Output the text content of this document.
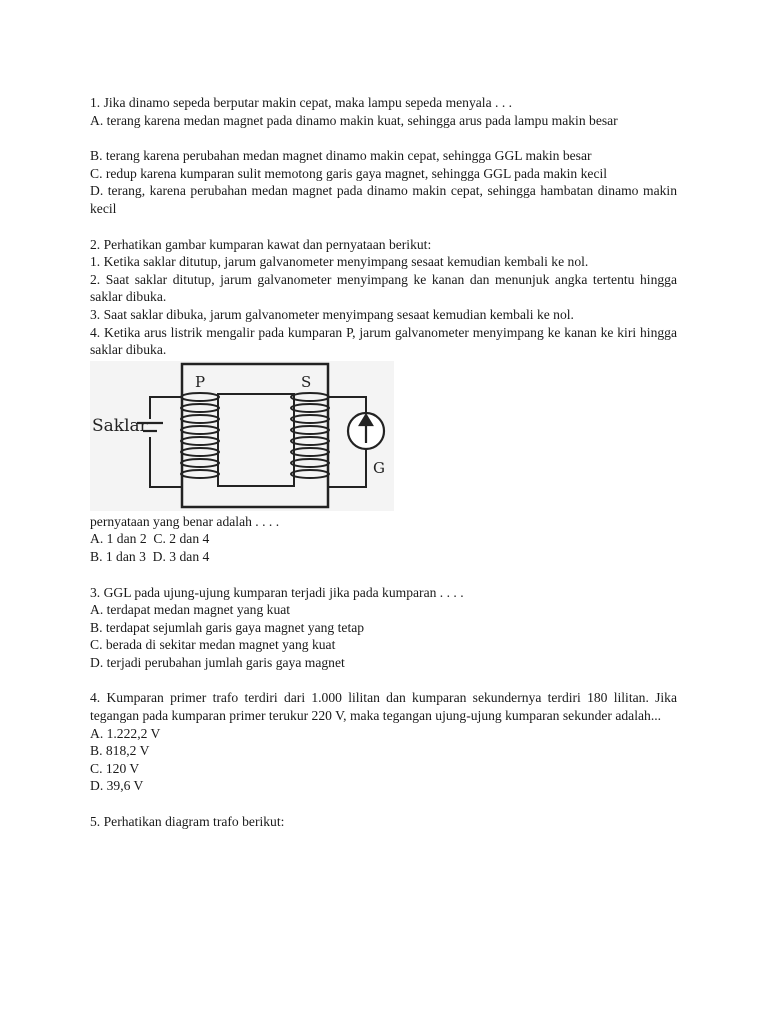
1. Jika dinamo sepeda berputar makin cepat, maka lampu sepeda menyala . . .
A. terang karena medan magnet pada dinamo makin kuat, sehingga arus pada lampu makin besar
B. terang karena perubahan medan magnet dinamo makin cepat, sehingga GGL makin besar
C. redup karena kumparan sulit memotong garis gaya magnet, sehingga GGL pada makin kecil
D. terang, karena perubahan medan magnet pada dinamo makin cepat, sehingga hambatan dinamo makin kecil
2. Perhatikan gambar kumparan kawat dan pernyataan berikut:
1. Ketika saklar ditutup, jarum galvanometer menyimpang sesaat kemudian kembali ke nol.
2. Saat saklar ditutup, jarum galvanometer menyimpang ke kanan dan menunjuk angka tertentu hingga saklar dibuka.
3. Saat saklar dibuka, jarum galvanometer menyimpang sesaat kemudian kembali ke nol.
4. Ketika arus listrik mengalir pada kumparan P, jarum galvanometer menyimpang ke kanan ke kiri hingga saklar dibuka.
P	S
Saklar
G
pernyataan yang benar adalah . . . .
A. 1 dan 2  C. 2 dan 4
B. 1 dan 3  D. 3 dan 4
3. GGL pada ujung-ujung kumparan terjadi jika pada kumparan . . . .
A. terdapat medan magnet yang kuat
B. terdapat sejumlah garis gaya magnet yang tetap
C. berada di sekitar medan magnet yang kuat
D. terjadi perubahan jumlah garis gaya magnet
4. Kumparan primer trafo terdiri dari 1.000 lilitan dan kumparan sekundernya terdiri 180 lilitan. Jika tegangan pada kumparan primer terukur 220 V, maka tegangan ujung-ujung kumparan sekunder adalah...
A. 1.222,2 V
B. 818,2 V
C. 120 V
D. 39,6 V
5. Perhatikan diagram trafo berikut:
